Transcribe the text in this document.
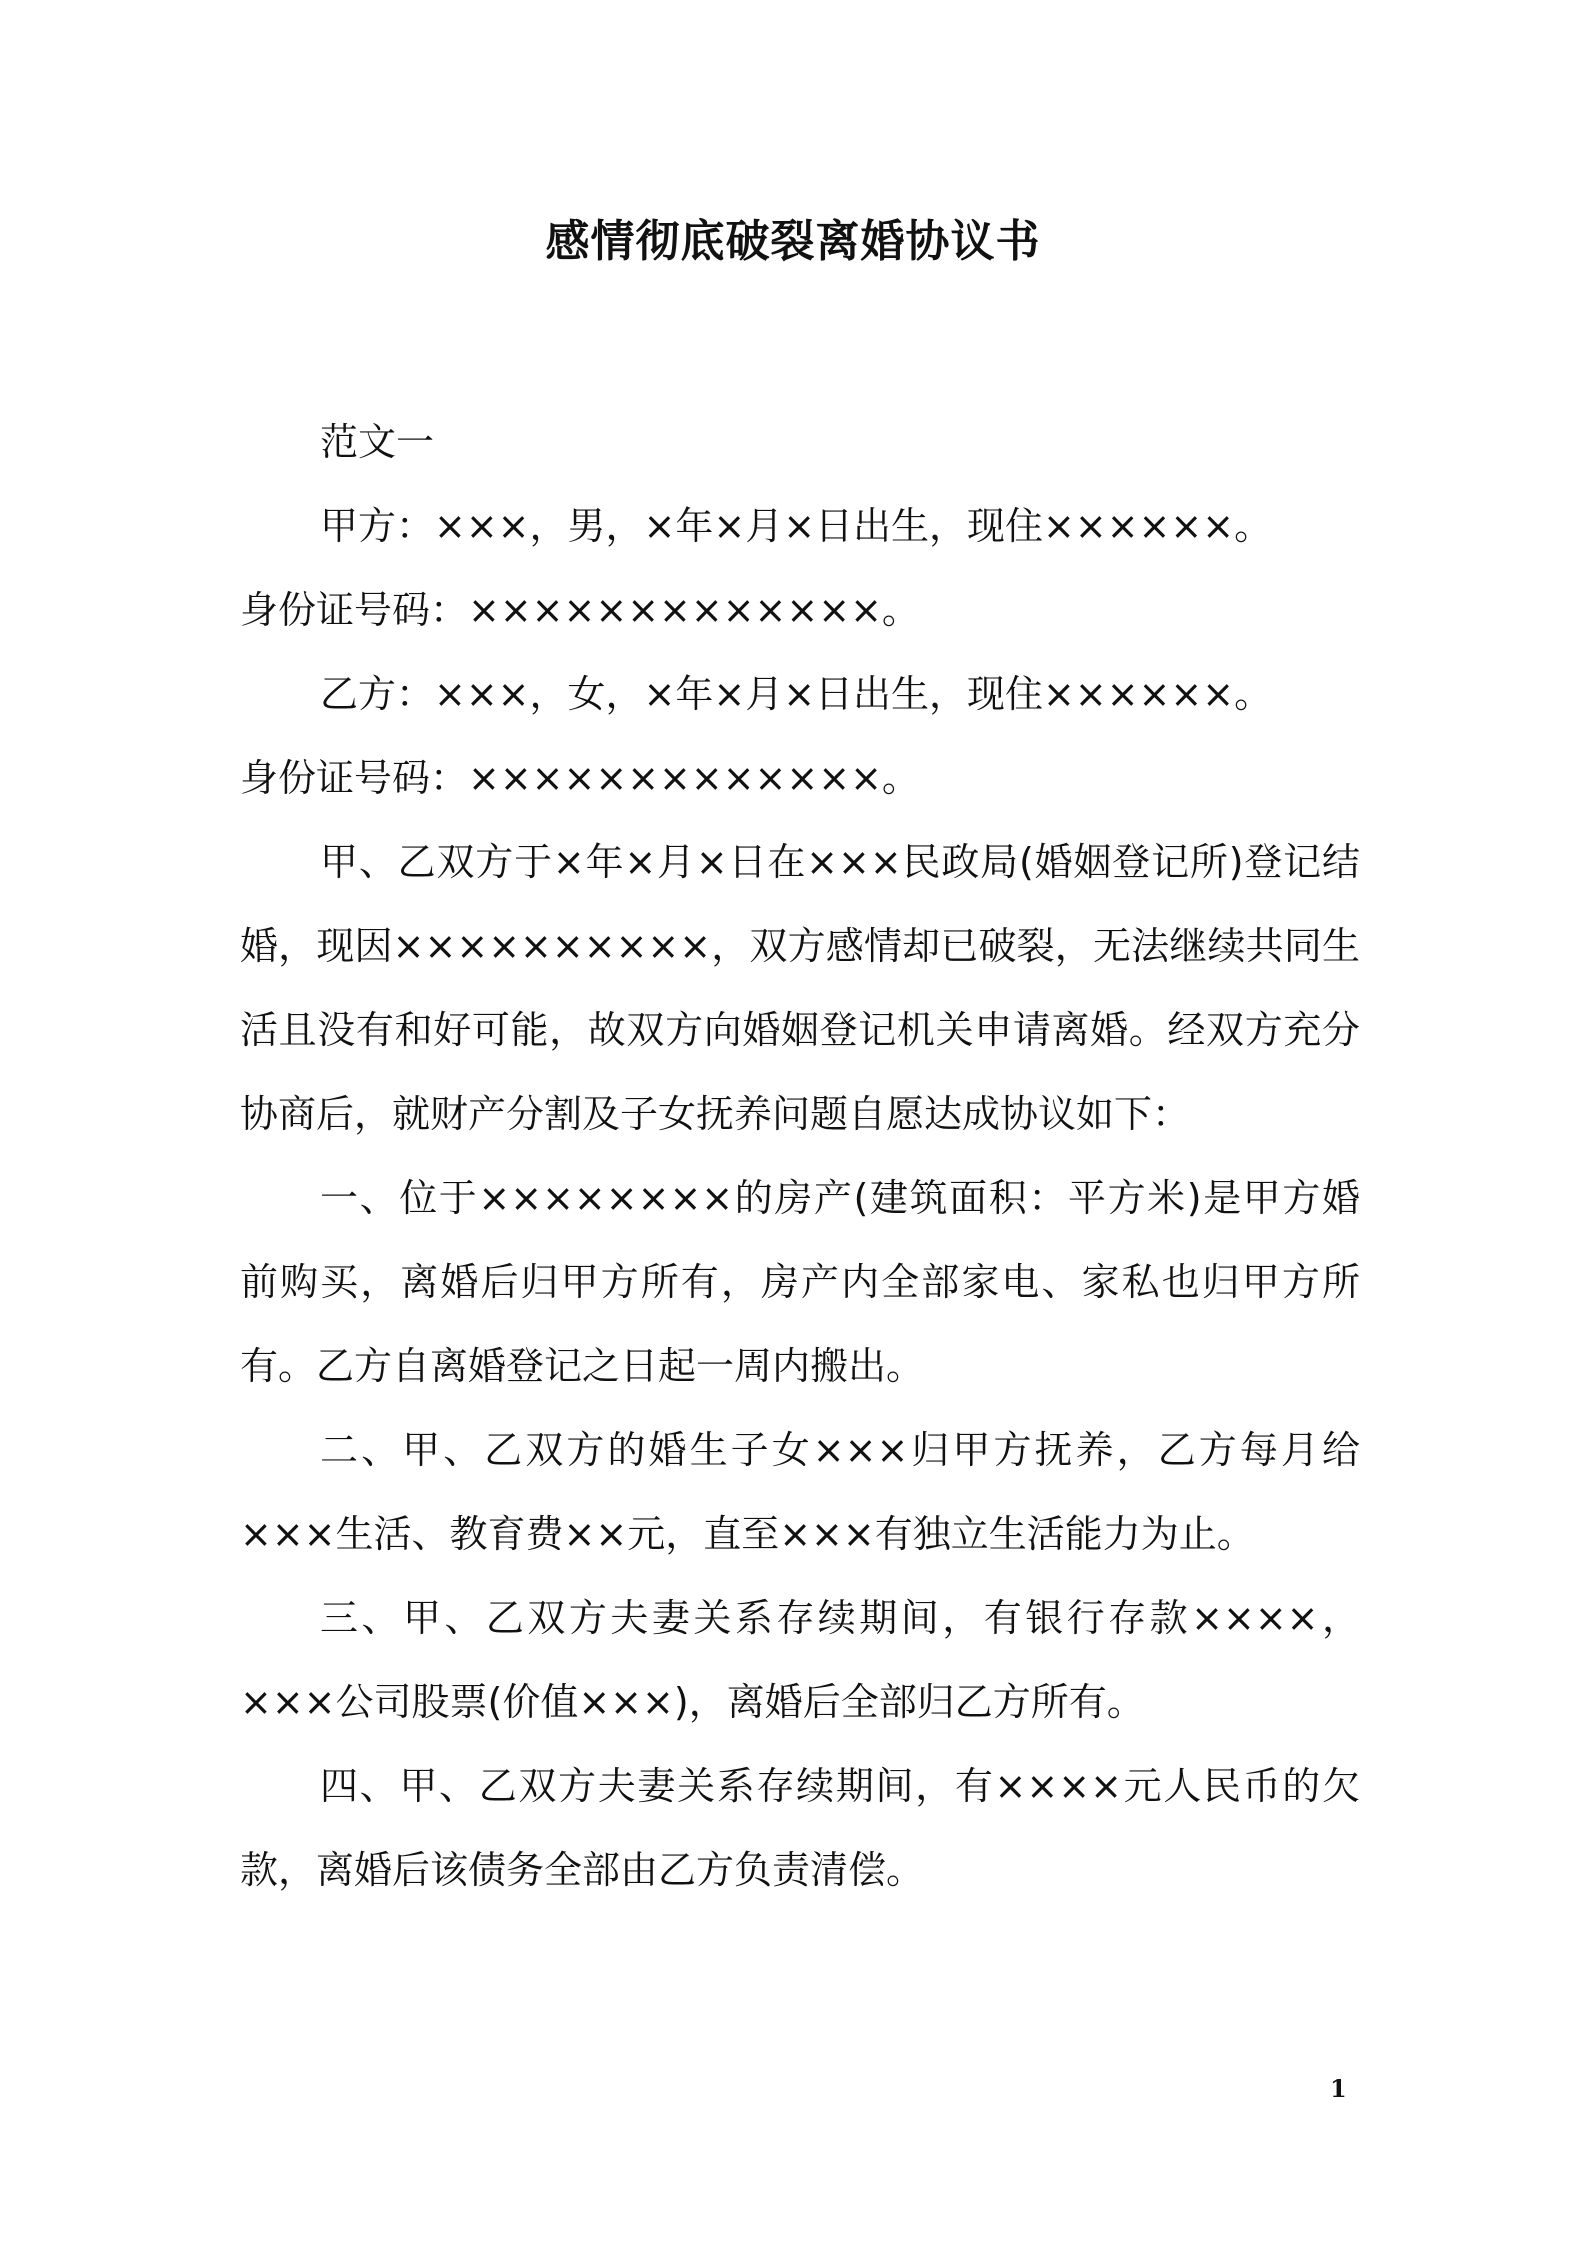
感情彻底破裂离婚协议书

范文一

甲方：×××，男，×年×月×日出生，现住××××××。

身份证号码：×××××××××××××。

乙方：×××，女，×年×月×日出生，现住××××××。

身份证号码：×××××××××××××。

甲、乙双方于×年×月×日在×××民政局(婚姻登记所)登记结婚，现因××××××××××，双方感情却已破裂，无法继续共同生活且没有和好可能，故双方向婚姻登记机关申请离婚。经双方充分协商后，就财产分割及子女抚养问题自愿达成协议如下：

一、位于××××××××的房产(建筑面积：平方米)是甲方婚前购买，离婚后归甲方所有，房产内全部家电、家私也归甲方所有。乙方自离婚登记之日起一周内搬出。

二、甲、乙双方的婚生子女×××归甲方抚养，乙方每月给×××生活、教育费××元，直至×××有独立生活能力为止。

三、甲、乙双方夫妻关系存续期间，有银行存款××××，×××公司股票(价值×××)，离婚后全部归乙方所有。

四、甲、乙双方夫妻关系存续期间，有××××元人民币的欠款，离婚后该债务全部由乙方负责清偿。

1
